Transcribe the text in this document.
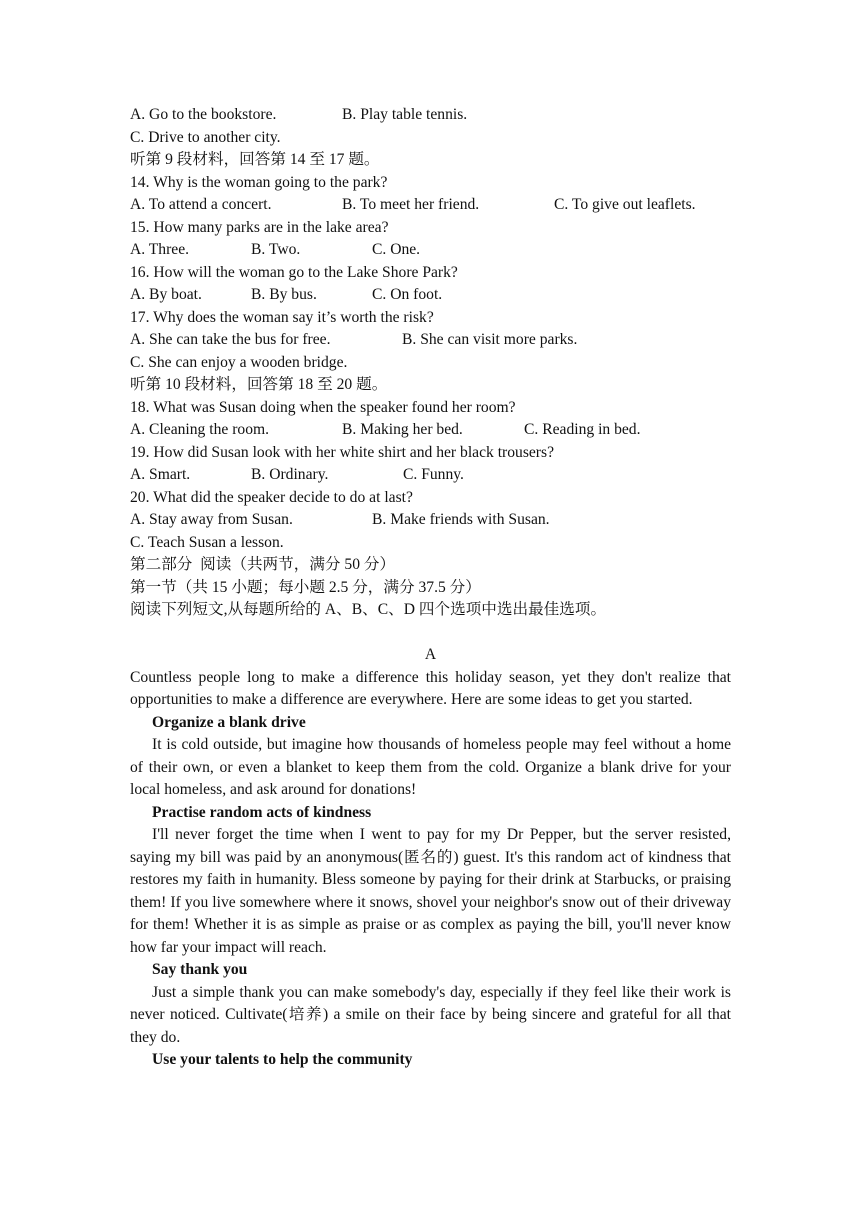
A. Go to the bookstore.	B. Play table tennis.

C. Drive to another city.

听第 9 段材料，回答第 14 至 17 题。

14. Why is the woman going to the park?

A. To attend a concert.	B. To meet her friend.	C. To give out leaflets.

15. How many parks are in the lake area?

A. Three.	B. Two.	C. One.

16. How will the woman go to the Lake Shore Park?

A. By boat.	B. By bus.	C. On foot.

17. Why does the woman say it’s worth the risk?

A. She can take the bus for free.	B. She can visit more parks.

C. She can enjoy a wooden bridge.

听第 10 段材料，回答第 18 至 20 题。

18. What was Susan doing when the speaker found her room?

A. Cleaning the room.	B. Making her bed.	C. Reading in bed.

19. How did Susan look with her white shirt and her black trousers?

A. Smart.	B. Ordinary.	C. Funny.

20. What did the speaker decide to do at last?

A. Stay away from Susan.	B. Make friends with Susan.

C. Teach Susan a lesson.

第二部分  阅读（共两节，满分 50 分）

第一节（共 15 小题；每小题 2.5 分，满分 37.5 分）

阅读下列短文,从每题所给的 A、B、C、D 四个选项中选出最佳选项。

A

Countless people long to make a difference this holiday season, yet they don't realize that opportunities to make a difference are everywhere. Here are some ideas to get you started.

Organize a blank drive

It is cold outside, but imagine how thousands of homeless people may feel without a home of their own, or even a blanket to keep them from the cold. Organize a blank drive for your local homeless, and ask around for donations!

Practise random acts of kindness

I'll never forget the time when I went to pay for my Dr Pepper, but the server resisted, saying my bill was paid by an anonymous(匿名的) guest. It's this random act of kindness that restores my faith in humanity. Bless someone by paying for their drink at Starbucks, or praising them! If you live somewhere where it snows, shovel your neighbor's snow out of their driveway for them! Whether it is as simple as praise or as complex as paying the bill, you'll never know how far your impact will reach.

Say thank you

Just a simple thank you can make somebody's day, especially if they feel like their work is never noticed. Cultivate(培养) a smile on their face by being sincere and grateful for all that they do.

Use your talents to help the community
